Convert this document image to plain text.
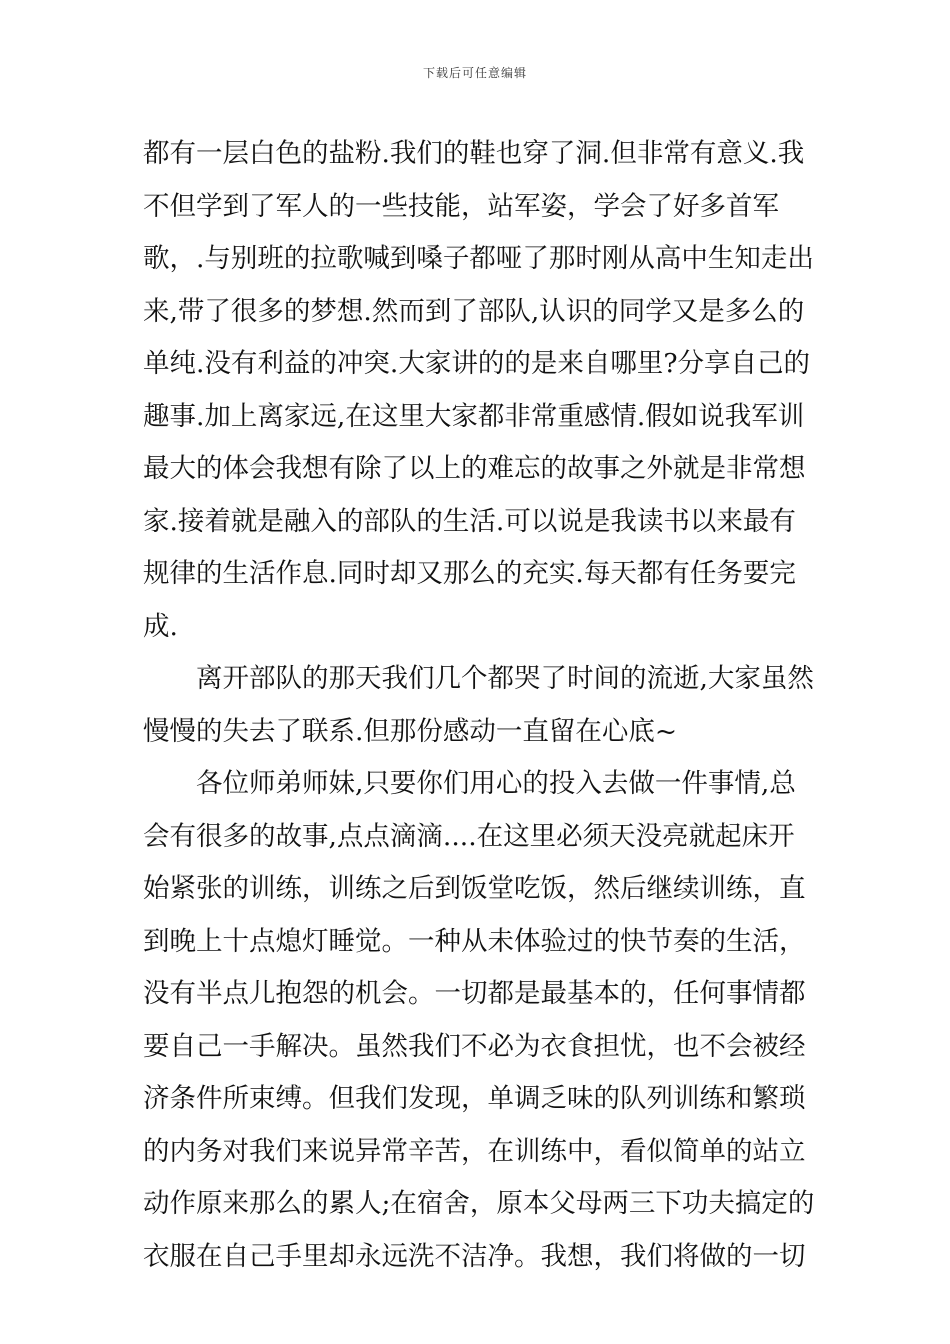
下载后可任意编辑
都有一层白色的盐粉.我们的鞋也穿了洞.但非常有意义.我
不但学到了军人的一些技能，站军姿，学会了好多首军
歌，.与别班的拉歌喊到嗓子都哑了那时刚从高中生知走出
来,带了很多的梦想.然而到了部队,认识的同学又是多么的
单纯.没有利益的冲突.大家讲的的是来自哪里?分享自己的
趣事.加上离家远,在这里大家都非常重感情.假如说我军训
最大的体会我想有除了以上的难忘的故事之外就是非常想
家.接着就是融入的部队的生活.可以说是我读书以来最有
规律的生活作息.同时却又那么的充实.每天都有任务要完
成.
离开部队的那天我们几个都哭了时间的流逝,大家虽然
慢慢的失去了联系.但那份感动一直留在心底~
各位师弟师妹,只要你们用心的投入去做一件事情,总
会有很多的故事,点点滴滴....在这里必须天没亮就起床开
始紧张的训练，训练之后到饭堂吃饭，然后继续训练，直
到晚上十点熄灯睡觉。一种从未体验过的快节奏的生活，
没有半点儿抱怨的机会。一切都是最基本的，任何事情都
要自己一手解决。虽然我们不必为衣食担忧，也不会被经
济条件所束缚。但我们发现，单调乏味的队列训练和繁琐
的内务对我们来说异常辛苦，在训练中，看似简单的站立
动作原来那么的累人;在宿舍，原本父母两三下功夫搞定的
衣服在自己手里却永远洗不洁净。我想，我们将做的一切
